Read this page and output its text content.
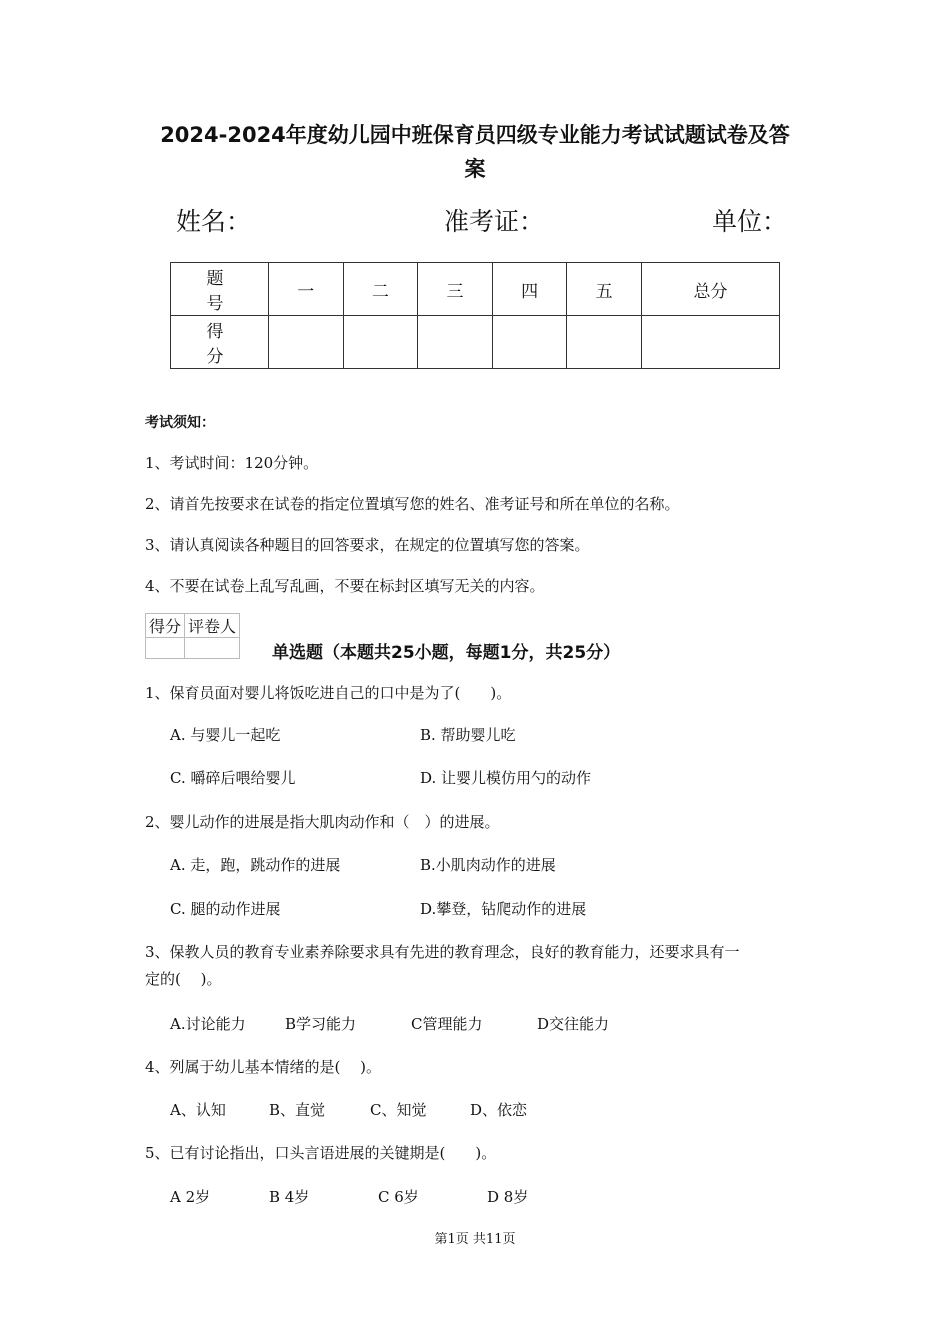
2024-2024年度幼儿园中班保育员四级专业能力考试试题试卷及答
案
姓名：	准考证：	单位：
题　号	一	二	三	四	五	总分
得　分						
考试须知：
1、考试时间：120分钟。
2、请首先按要求在试卷的指定位置填写您的姓名、准考证号和所在单位的名称。
3、请认真阅读各种题目的回答要求，在规定的位置填写您的答案。
4、不要在试卷上乱写乱画，不要在标封区填写无关的内容。
得分	评卷人

单选题（本题共25小题，每题1分，共25分）
1、保育员面对婴儿将饭吃进自己的口中是为了(　　)。
A. 与婴儿一起吃	B. 帮助婴儿吃
C. 嚼碎后喂给婴儿	D. 让婴儿模仿用勺的动作
2、婴儿动作的进展是指大肌肉动作和（　）的进展。
A. 走，跑，跳动作的进展	B.小肌肉动作的进展
C. 腿的动作进展	D.攀登，钻爬动作的进展
3、保教人员的教育专业素养除要求具有先进的教育理念，良好的教育能力，还要求具有一
定的(　 )。
A.讨论能力	B学习能力	C管理能力	D交往能力
4、列属于幼儿基本情绪的是(　 )。
A、认知	B、直觉	C、知觉	D、依恋
5、已有讨论指出，口头言语进展的关键期是(　　)。
A 2岁	B 4岁	C 6岁	D 8岁
第1页 共11页
